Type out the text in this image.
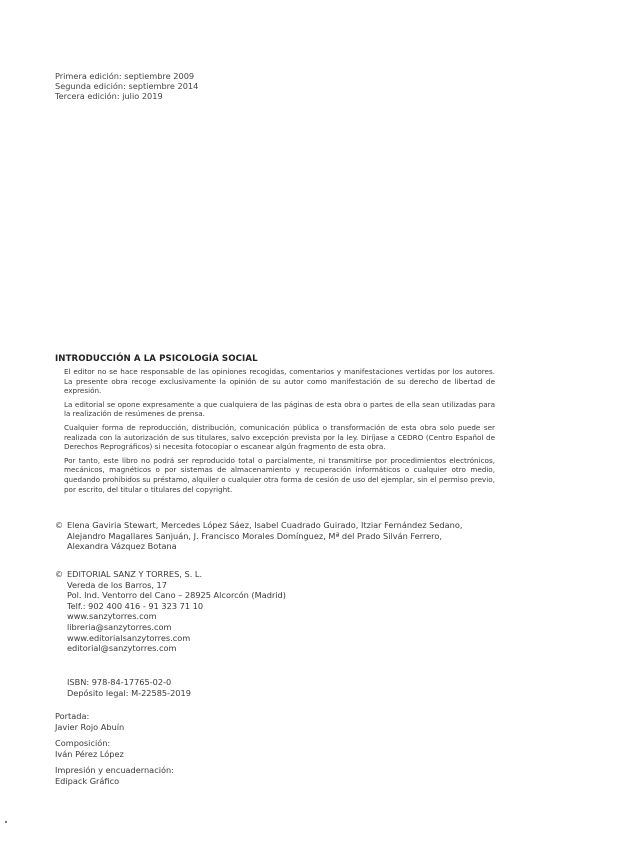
Primera edición: septiembre 2009
Segunda edición: septiembre 2014
Tercera edición: julio 2019
INTRODUCCIÓN A LA PSICOLOGÍA SOCIAL

El editor no se hace responsable de las opiniones recogidas, comentarios y manifestaciones vertidas por los autores. La presente obra recoge exclusivamente la opinión de su autor como manifestación de su derecho de libertad de expresión.

La editorial se opone expresamente a que cualquiera de las páginas de esta obra o partes de ella sean utilizadas para la realización de resúmenes de prensa.

Cualquier forma de reproducción, distribución, comunicación pública o transformación de esta obra solo puede ser realizada con la autorización de sus titulares, salvo excepción prevista por la ley. Diríjase a CEDRO (Centro Español de Derechos Reprográficos) si necesita fotocopiar o escanear algún fragmento de esta obra.

Por tanto, este libro no podrá ser reproducido total o parcialmente, ni transmitirse por procedimientos electrónicos, mecánicos, magnéticos o por sistemas de almacenamiento y recuperación informáticos o cualquier otro medio, quedando prohibidos su préstamo, alquiler o cualquier otra forma de cesión de uso del ejemplar, sin el permiso previo, por escrito, del titular o titulares del copyright.

© Elena Gaviria Stewart, Mercedes López Sáez, Isabel Cuadrado Guirado, Itziar Fernández Sedano,
Alejandro Magallares Sanjuán, J. Francisco Morales Domínguez, Mª del Prado Silván Ferrero,
Alexandra Vázquez Botana
© EDITORIAL SANZ Y TORRES, S. L.
Vereda de los Barros, 17
Pol. Ind. Ventorro del Cano – 28925 Alcorcón (Madrid)
Telf.: 902 400 416 - 91 323 71 10
www.sanzytorres.com
libreria@sanzytorres.com
www.editorialsanzytorres.com
editorial@sanzytorres.com
ISBN: 978-84-17765-02-0
Depósito legal: M-22585-2019
Portada:
Javier Rojo Abuín
Composición:
Iván Pérez López
Impresión y encuadernación:
Edipack Gráfico
